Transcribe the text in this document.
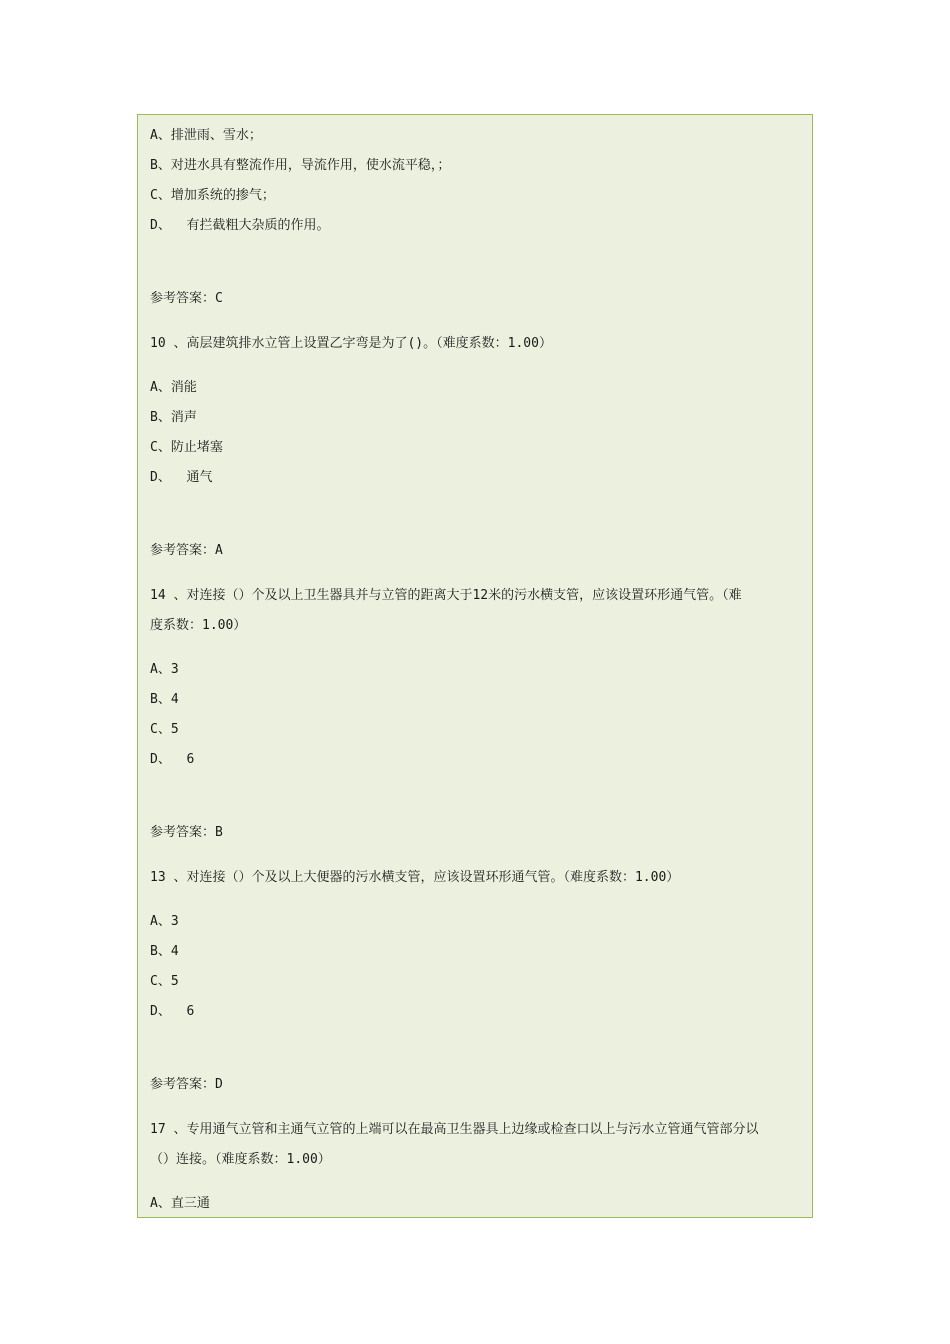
A、排泄雨、雪水；
B、对进水具有整流作用，导流作用，使水流平稳，；
C、增加系统的掺气；
D、  有拦截粗大杂质的作用。
参考答案：C
10 、高层建筑排水立管上设置乙字弯是为了()。（难度系数：1.00）
A、消能
B、消声
C、防止堵塞
D、  通气
参考答案：A
14 、对连接（）个及以上卫生器具并与立管的距离大于12米的污水横支管，应该设置环形通气管。（难
度系数：1.00）
A、3
B、4
C、5
D、  6
参考答案：B
13 、对连接（）个及以上大便器的污水横支管，应该设置环形通气管。（难度系数：1.00）
A、3
B、4
C、5
D、  6
参考答案：D
17 、专用通气立管和主通气立管的上端可以在最高卫生器具上边缘或检查口以上与污水立管通气管部分以
（）连接。（难度系数：1.00）
A、直三通
